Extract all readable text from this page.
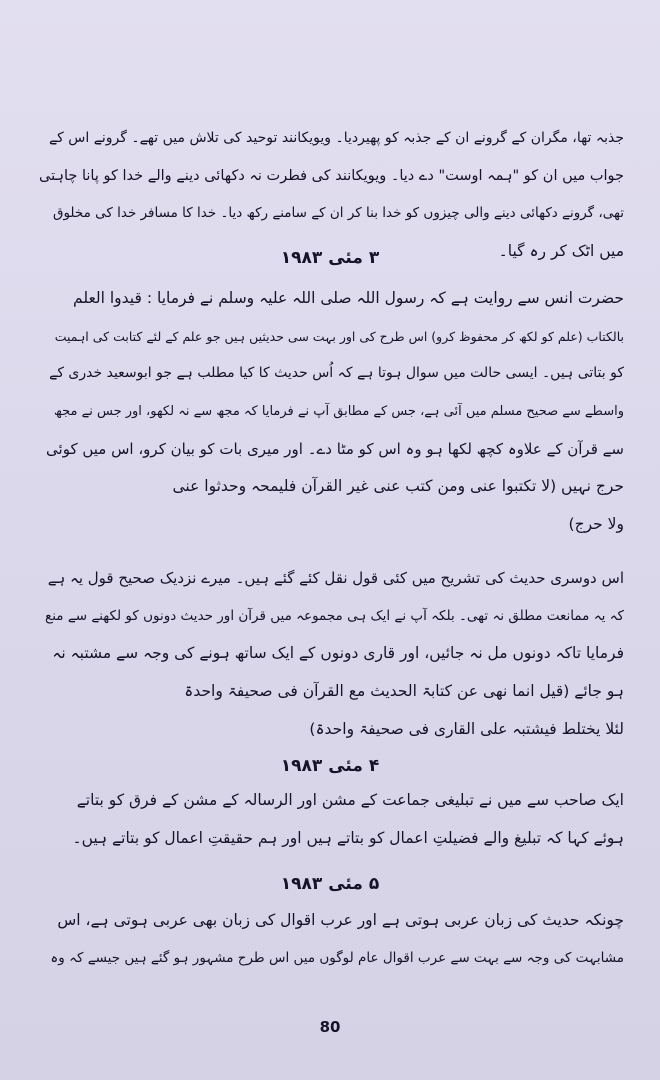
جذبہ تھا، مگران کے گرونے ان کے جذبہ کو پھیردیا۔ ویویکانند توحید کی تلاش میں تھے۔ گرونے اس کے
جواب میں ان کو "ہمہ اوست" دے دیا۔ ویویکانند کی فطرت نہ دکھائی دینے والے خدا کو پانا چاہتی
تھی، گرونے دکھائی دینے والی چیزوں کو خدا بنا کر ان کے سامنے رکھ دیا۔ خدا کا مسافر خدا کی مخلوق
میں اٹک کر رہ گیا۔
۳ مئی ۱۹۸۳
حضرت انس سے روایت ہے کہ رسول اللہ صلی اللہ علیہ وسلم نے فرمایا : قیدوا العلم
بالکتاب (علم کو لکھ کر محفوظ کرو) اس طرح کی اور بہت سی حدیثیں ہیں جو علم کے لئے کتابت کی اہمیت
کو بتاتی ہیں۔ ایسی حالت میں سوال ہوتا ہے کہ اُس حدیث کا کیا مطلب ہے جو ابوسعید خدری کے
واسطے سے صحیح مسلم میں آئی ہے، جس کے مطابق آپ نے فرمایا کہ مجھ سے نہ لکھو، اور جس نے مجھ
سے قرآن کے علاوہ کچھ لکھا ہو وہ اس کو مٹا دے۔ اور میری بات کو بیان کرو، اس میں کوئی
حرج نہیں (لا تکتبوا عنی ومن کتب عنی غیر القرآن فلیمحہ وحدثوا عنی
ولا حرج)
اس دوسری حدیث کی تشریح میں کئی قول نقل کئے گئے ہیں۔ میرے نزدیک صحیح قول یہ ہے
کہ یہ ممانعت مطلق نہ تھی۔ بلکہ آپ نے ایک ہی مجموعہ میں قرآن اور حدیث دونوں کو لکھنے سے منع
فرمایا تاکہ دونوں مل نہ جائیں، اور قاری دونوں کے ایک ساتھ ہونے کی وجہ سے مشتبہ نہ
ہو جائے (قیل انما نھی عن کتابۃ الحدیث مع القرآن فی صحیفۃ واحدۃ
لئلا یختلط فیشتبہ علی القاری فی صحیفۃ واحدۃ)
۴ مئی ۱۹۸۳
ایک صاحب سے میں نے تبلیغی جماعت کے مشن اور الرسالہ کے مشن کے فرق کو بتاتے
ہوئے کہا کہ تبلیغ والے فضیلتِ اعمال کو بتاتے ہیں اور ہم حقیقتِ اعمال کو بتاتے ہیں۔
۵ مئی ۱۹۸۳
چونکہ حدیث کی زبان عربی ہوتی ہے اور عرب اقوال کی زبان بھی عربی ہوتی ہے، اس
مشابہت کی وجہ سے بہت سے عرب اقوال عام لوگوں میں اس طرح مشہور ہو گئے ہیں جیسے کہ وہ
80
